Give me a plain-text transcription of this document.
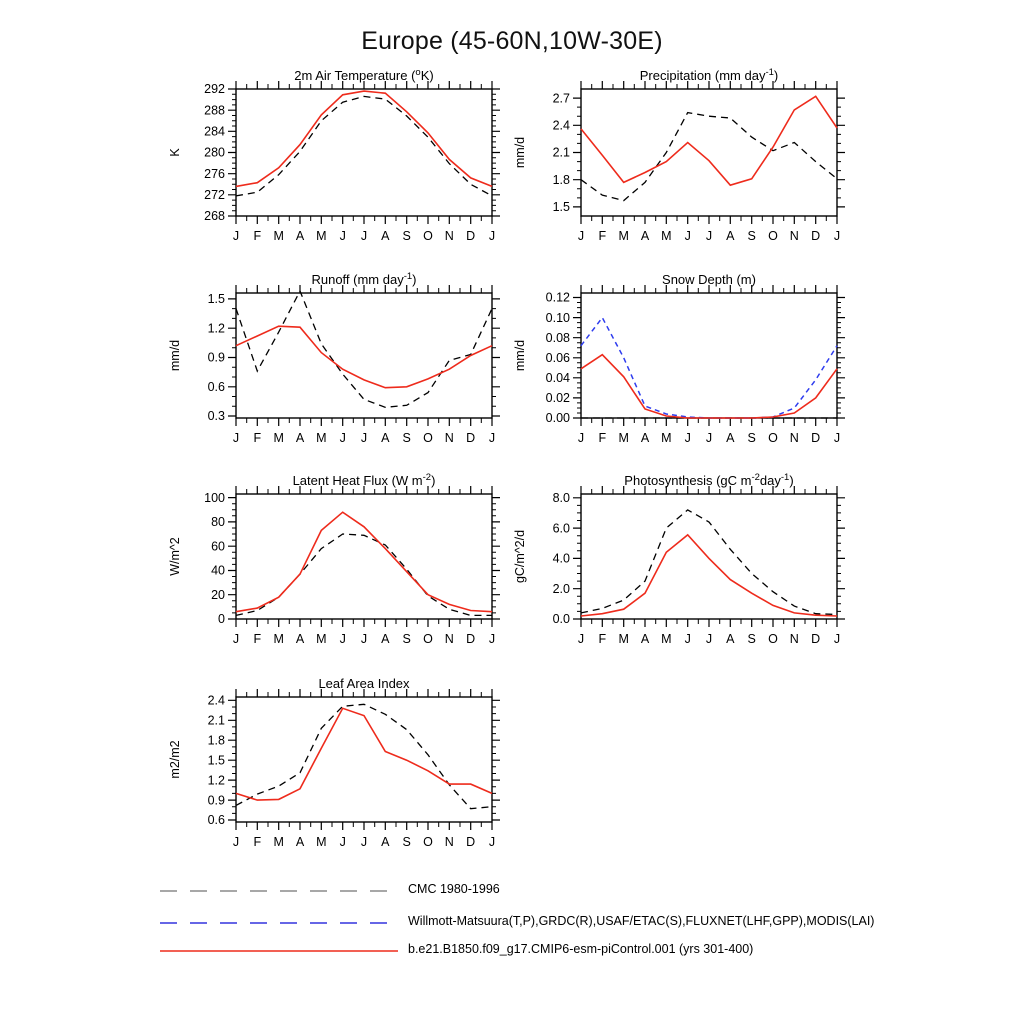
Europe (45-60N,10W-30E)
268
272
276
280
284
288
292
J F M A M J J A S O N D J
2m Air Temperature ($^o$K)
K
1.5
1.8
2.1
2.4
2.7
J F M A M J J A S O N D J
Precipitation (mm day$^{-1}$)
mm/d
0.3
0.6
0.9
1.2
1.5
J F M A M J J A S O N D J
Runoff (mm day$^{-1}$)
mm/d
0.00
0.02
0.04
0.06
0.08
0.10
0.12
J F M A M J J A S O N D J
Snow Depth (m)
mm/d
0
20
40
60
80
100
J F M A M J J A S O N D J
Latent Heat Flux (W $m^{-2}$)
W/m^2
0.0
2.0
4.0
6.0
8.0
J F M A M J J A S O N D J
Photosynthesis (gC $m^{-2}day^{-1}$)
gC/m^2/d
0.6
0.9
1.2
1.5
1.8
2.1
2.4
J F M A M J J A S O N D J
Leaf Area Index
m2/m2
CMC 1980-1996
Willmott-Matsuura(T,P),GRDC(R),USAF/ETAC(S),FLUXNET(LHF,GPP),MODIS(LAI)
b.e21.B1850.f09_g17.CMIP6-esm-piControl.001 (yrs 301-400)
